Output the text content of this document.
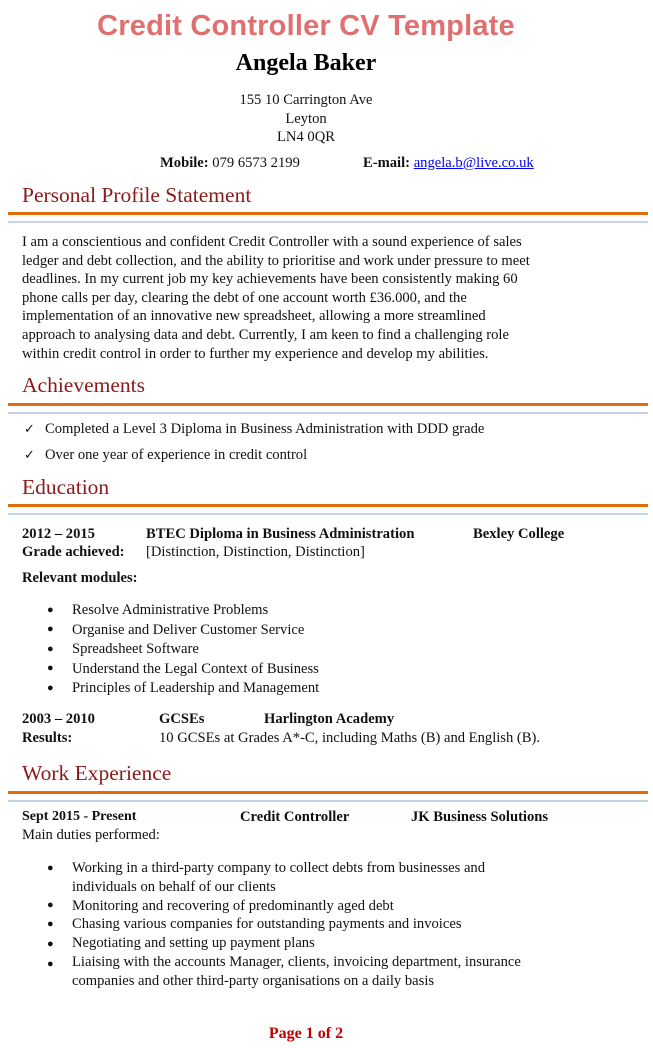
Credit Controller CV Template
Angela Baker
155 10 Carrington Ave
Leyton
LN4 0QR
Mobile: 079 6573 2199	E-mail: angela.b@live.co.uk
Personal Profile Statement

I am a conscientious and confident Credit Controller with a sound experience of sales

ledger and debt collection, and the ability to prioritise and work under pressure to meet

deadlines. In my current job my key achievements have been consistently making 60

phone calls per day, clearing the debt of one account worth £36.000, and the

implementation of an innovative new spreadsheet, allowing a more streamlined

approach to analysing data and debt. Currently, I am keen to find a challenging role

within credit control in order to further my experience and develop my abilities.

Achievements
✓ Completed a Level 3 Diploma in Business Administration with DDD grade
✓ Over one year of experience in credit control
Education
2012 – 2015	BTEC Diploma in Business Administration	Bexley College
Grade achieved: [Distinction, Distinction, Distinction]
Relevant modules:
●
●
●
●
●
Resolve Administrative Problems
Organise and Deliver Customer Service
Spreadsheet Software
Understand the Legal Context of Business
Principles of Leadership and Management
2003 – 2010	GCSEs	Harlington Academy
Results:	10 GCSEs at Grades A*-C, including Maths (B) and English (B).
Work Experience
Sept 2015 - Present	Credit Controller	JK Business Solutions
Main duties performed:
●
●
●
●
●
Working in a third-party company to collect debts from businesses and
individuals on behalf of our clients
Monitoring and recovering of predominantly aged debt
Chasing various companies for outstanding payments and invoices
Negotiating and setting up payment plans
Liaising with the accounts Manager, clients, invoicing department, insurance
companies and other third-party organisations on a daily basis
Page 1 of 2
